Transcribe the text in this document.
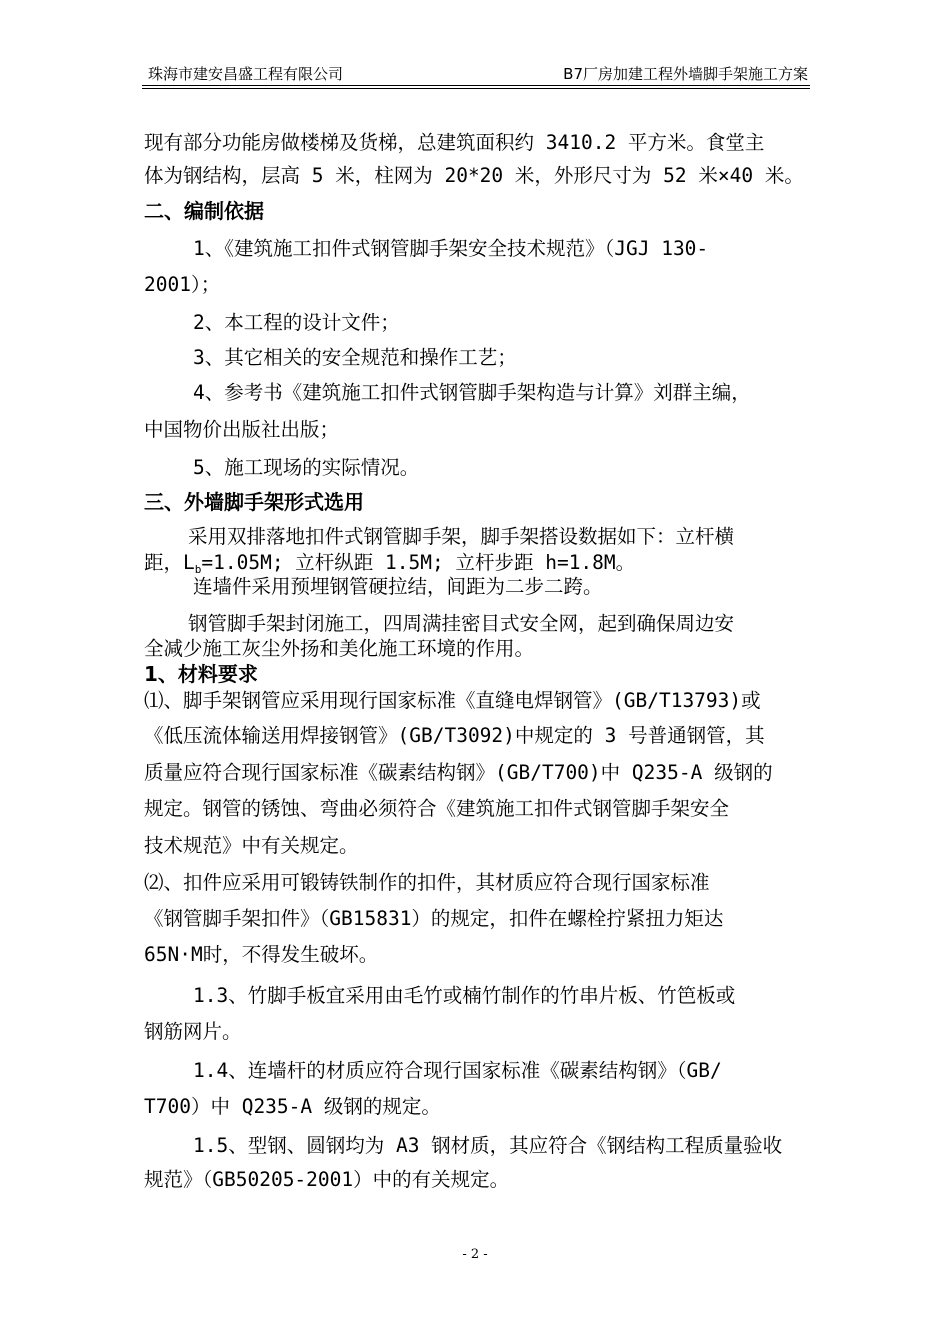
珠海市建安昌盛工程有限公司	B7厂房加建工程外墙脚手架施工方案
现有部分功能房做楼梯及货梯，总建筑面积约 3410.2 平方米。食堂主
体为钢结构，层高 5 米，柱网为 20*20 米，外形尺寸为 52 米×40 米。
二、编制依据
1、《建筑施工扣件式钢管脚手架安全技术规范》（JGJ 130-
2001）；
2、本工程的设计文件；
3、其它相关的安全规范和操作工艺；
4、参考书《建筑施工扣件式钢管脚手架构造与计算》刘群主编，
中国物价出版社出版；
5、施工现场的实际情况。
三、外墙脚手架形式选用
采用双排落地扣件式钢管脚手架，脚手架搭设数据如下：立杆横
距，$L_b=1.05M$; 立杆纵距 1.5M; 立杆步距 h=1.8M。
连墙件采用预埋钢管硬拉结，间距为二步二跨。
钢管脚手架封闭施工，四周满挂密目式安全网，起到确保周边安
全减少施工灰尘外扬和美化施工环境的作用。
1、材料要求
⑴、脚手架钢管应采用现行国家标准《直缝电焊钢管》(GB/T13793)或
《低压流体输送用焊接钢管》(GB/T3092)中规定的 3 号普通钢管，其
质量应符合现行国家标准《碳素结构钢》(GB/T700)中 Q235-A 级钢的
规定。钢管的锈蚀、弯曲必须符合《建筑施工扣件式钢管脚手架安全
技术规范》中有关规定。
⑵、扣件应采用可锻铸铁制作的扣件，其材质应符合现行国家标准
《钢管脚手架扣件》（GB15831）的规定，扣件在螺栓拧紧扭力矩达
65N·M时，不得发生破坏。
1.3、竹脚手板宜采用由毛竹或楠竹制作的竹串片板、竹笆板或
钢筋网片。
1.4、连墙杆的材质应符合现行国家标准《碳素结构钢》（GB/
T700）中 Q235-A 级钢的规定。
1.5、型钢、圆钢均为 A3 钢材质，其应符合《钢结构工程质量验收
规范》（GB50205-2001）中的有关规定。
- 2 -
